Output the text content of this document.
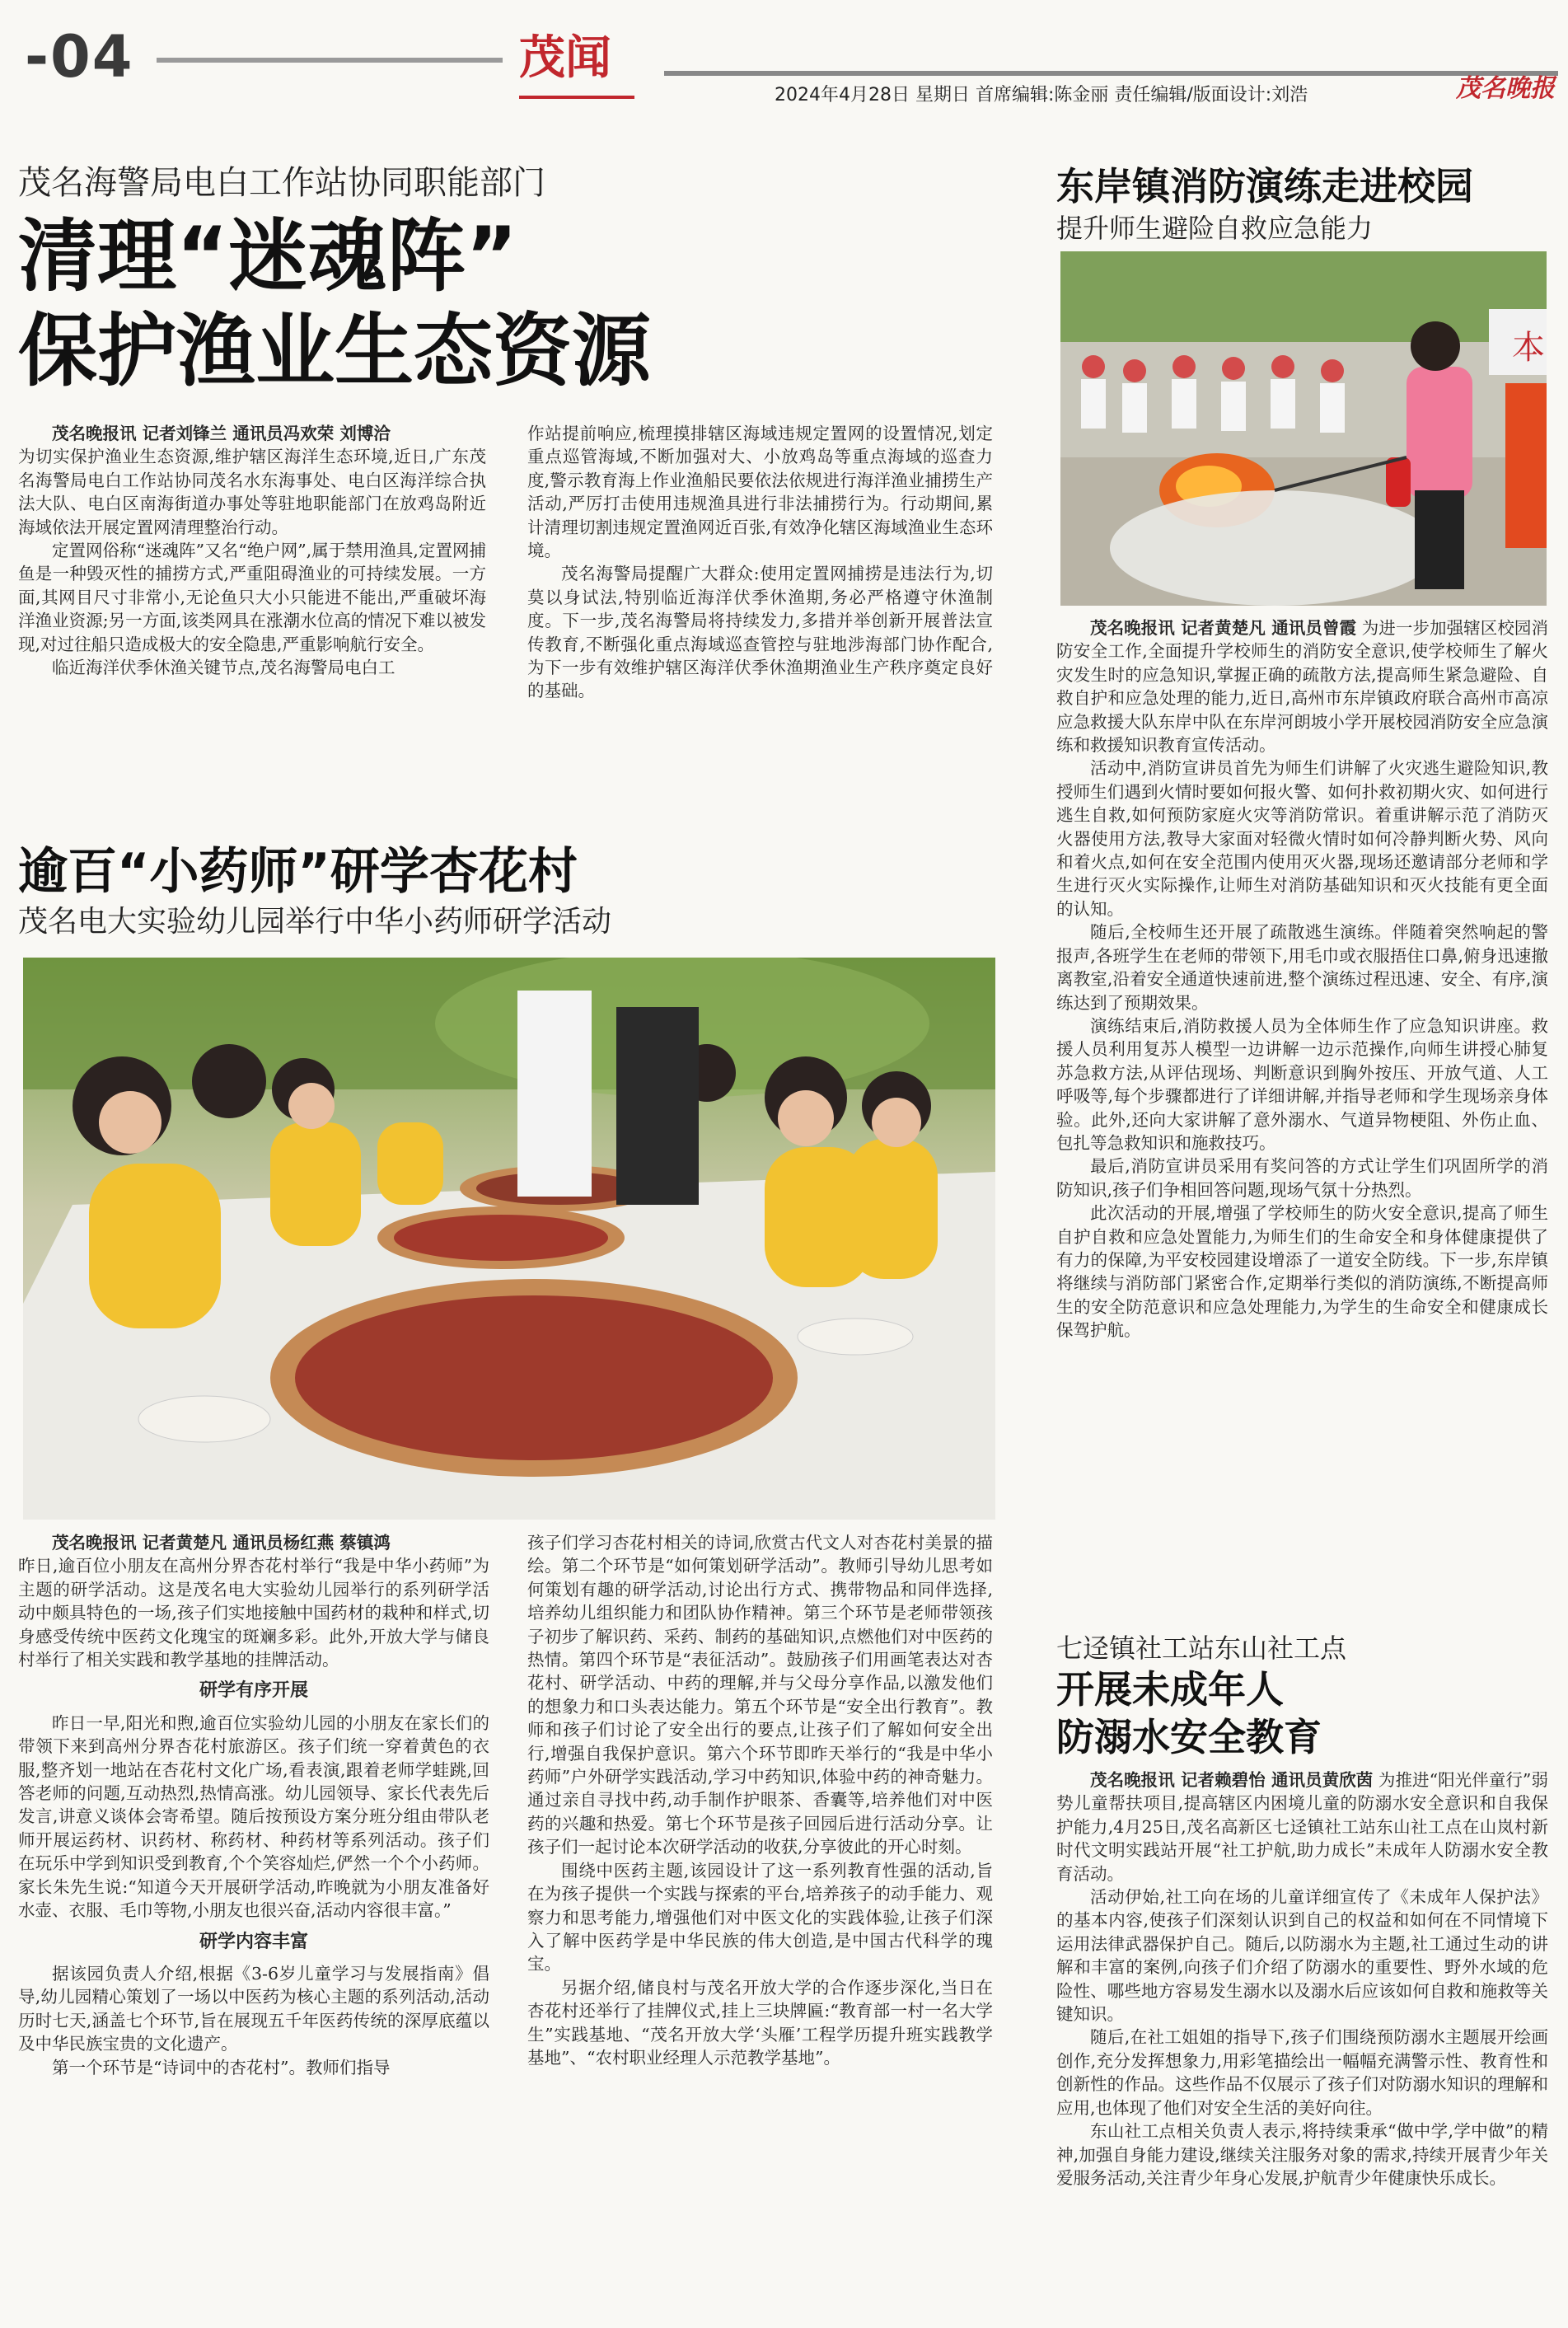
-04	茂闻
2024年4月28日 星期日 首席编辑:陈金丽 责任编辑/版面设计:刘浩	茂名晚报
茂名海警局电白工作站协同职能部门
清理“迷魂阵”
保护渔业生态资源

茂名晚报讯 记者刘锋兰 通讯员冯欢荣 刘博洽

为切实保护渔业生态资源,维护辖区海洋生态环境,近日,广东茂名海警局电白工作站协同茂名水东海事处、电白区海洋综合执法大队、电白区南海街道办事处等驻地职能部门在放鸡岛附近海域依法开展定置网清理整治行动。

定置网俗称“迷魂阵”又名“绝户网”,属于禁用渔具,定置网捕鱼是一种毁灭性的捕捞方式,严重阻碍渔业的可持续发展。一方面,其网目尺寸非常小,无论鱼只大小只能进不能出,严重破坏海洋渔业资源;另一方面,该类网具在涨潮水位高的情况下难以被发现,对过往船只造成极大的安全隐患,严重影响航行安全。

临近海洋伏季休渔关键节点,茂名海警局电白工

作站提前响应,梳理摸排辖区海域违规定置网的设置情况,划定重点巡管海域,不断加强对大、小放鸡岛等重点海域的巡查力度,警示教育海上作业渔船民要依法依规进行海洋渔业捕捞生产活动,严厉打击使用违规渔具进行非法捕捞行为。行动期间,累计清理切割违规定置渔网近百张,有效净化辖区海域渔业生态环境。

茂名海警局提醒广大群众:使用定置网捕捞是违法行为,切莫以身试法,特别临近海洋伏季休渔期,务必严格遵守休渔制度。下一步,茂名海警局将持续发力,多措并举创新开展普法宣传教育,不断强化重点海域巡查管控与驻地涉海部门协作配合,为下一步有效维护辖区海洋伏季休渔期渔业生产秩序奠定良好的基础。

逾百“小药师”研学杏花村
茂名电大实验幼儿园举行中华小药师研学活动

茂名晚报讯 记者黄楚凡 通讯员杨红燕 蔡镇鸿

昨日,逾百位小朋友在高州分界杏花村举行“我是中华小药师”为主题的研学活动。这是茂名电大实验幼儿园举行的系列研学活动中颇具特色的一场,孩子们实地接触中国药材的栽种和样式,切身感受传统中医药文化瑰宝的斑斓多彩。此外,开放大学与储良村举行了相关实践和教学基地的挂牌活动。

研学有序开展

昨日一早,阳光和煦,逾百位实验幼儿园的小朋友在家长们的带领下来到高州分界杏花村旅游区。孩子们统一穿着黄色的衣服,整齐划一地站在杏花村文化广场,看表演,跟着老师学蛙跳,回答老师的问题,互动热烈,热情高涨。幼儿园领导、家长代表先后发言,讲意义谈体会寄希望。随后按预设方案分班分组由带队老师开展运药材、识药材、称药材、种药材等系列活动。孩子们在玩乐中学到知识受到教育,个个笑容灿烂,俨然一个个小药师。家长朱先生说:“知道今天开展研学活动,昨晚就为小朋友准备好水壶、衣服、毛巾等物,小朋友也很兴奋,活动内容很丰富。”

研学内容丰富

据该园负责人介绍,根据《3-6岁儿童学习与发展指南》倡导,幼儿园精心策划了一场以中医药为核心主题的系列活动,活动历时七天,涵盖七个环节,旨在展现五千年医药传统的深厚底蕴以及中华民族宝贵的文化遗产。

第一个环节是“诗词中的杏花村”。教师们指导

孩子们学习杏花村相关的诗词,欣赏古代文人对杏花村美景的描绘。第二个环节是“如何策划研学活动”。教师引导幼儿思考如何策划有趣的研学活动,讨论出行方式、携带物品和同伴选择,培养幼儿组织能力和团队协作精神。第三个环节是老师带领孩子初步了解识药、采药、制药的基础知识,点燃他们对中医药的热情。第四个环节是“表征活动”。鼓励孩子们用画笔表达对杏花村、研学活动、中药的理解,并与父母分享作品,以激发他们的想象力和口头表达能力。第五个环节是“安全出行教育”。教师和孩子们讨论了安全出行的要点,让孩子们了解如何安全出行,增强自我保护意识。第六个环节即昨天举行的“我是中华小药师”户外研学实践活动,学习中药知识,体验中药的神奇魅力。通过亲自寻找中药,动手制作护眼茶、香囊等,培养他们对中医药的兴趣和热爱。第七个环节是孩子回园后进行活动分享。让孩子们一起讨论本次研学活动的收获,分享彼此的开心时刻。

围绕中医药主题,该园设计了这一系列教育性强的活动,旨在为孩子提供一个实践与探索的平台,培养孩子的动手能力、观察力和思考能力,增强他们对中医文化的实践体验,让孩子们深入了解中医药学是中华民族的伟大创造,是中国古代科学的瑰宝。

另据介绍,储良村与茂名开放大学的合作逐步深化,当日在杏花村还举行了挂牌仪式,挂上三块牌匾:“教育部一村一名大学生”实践基地、“茂名开放大学‘头雁’工程学历提升班实践教学基地”、“农村职业经理人示范教学基地”。

东岸镇消防演练走进校园
提升师生避险自救应急能力
本

茂名晚报讯 记者黄楚凡 通讯员曾霞 为进一步加强辖区校园消防安全工作,全面提升学校师生的消防安全意识,使学校师生了解火灾发生时的应急知识,掌握正确的疏散方法,提高师生紧急避险、自救自护和应急处理的能力,近日,高州市东岸镇政府联合高州市高凉应急救援大队东岸中队在东岸河朗坡小学开展校园消防安全应急演练和救援知识教育宣传活动。

活动中,消防宣讲员首先为师生们讲解了火灾逃生避险知识,教授师生们遇到火情时要如何报火警、如何扑救初期火灾、如何进行逃生自救,如何预防家庭火灾等消防常识。着重讲解示范了消防灭火器使用方法,教导大家面对轻微火情时如何冷静判断火势、风向和着火点,如何在安全范围内使用灭火器,现场还邀请部分老师和学生进行灭火实际操作,让师生对消防基础知识和灭火技能有更全面的认知。

随后,全校师生还开展了疏散逃生演练。伴随着突然响起的警报声,各班学生在老师的带领下,用毛巾或衣服捂住口鼻,俯身迅速撤离教室,沿着安全通道快速前进,整个演练过程迅速、安全、有序,演练达到了预期效果。

演练结束后,消防救援人员为全体师生作了应急知识讲座。救援人员利用复苏人模型一边讲解一边示范操作,向师生讲授心肺复苏急救方法,从评估现场、判断意识到胸外按压、开放气道、人工呼吸等,每个步骤都进行了详细讲解,并指导老师和学生现场亲身体验。此外,还向大家讲解了意外溺水、气道异物梗阻、外伤止血、包扎等急救知识和施救技巧。

最后,消防宣讲员采用有奖问答的方式让学生们巩固所学的消防知识,孩子们争相回答问题,现场气氛十分热烈。

此次活动的开展,增强了学校师生的防火安全意识,提高了师生自护自救和应急处置能力,为师生们的生命安全和身体健康提供了有力的保障,为平安校园建设增添了一道安全防线。下一步,东岸镇将继续与消防部门紧密合作,定期举行类似的消防演练,不断提高师生的安全防范意识和应急处理能力,为学生的生命安全和健康成长保驾护航。

七迳镇社工站东山社工点
开展未成年人
防溺水安全教育

茂名晚报讯 记者赖碧怡 通讯员黄欣茵 为推进“阳光伴童行”弱势儿童帮扶项目,提高辖区内困境儿童的防溺水安全意识和自我保护能力,4月25日,茂名高新区七迳镇社工站东山社工点在山岚村新时代文明实践站开展“社工护航,助力成长”未成年人防溺水安全教育活动。

活动伊始,社工向在场的儿童详细宣传了《未成年人保护法》的基本内容,使孩子们深刻认识到自己的权益和如何在不同情境下运用法律武器保护自己。随后,以防溺水为主题,社工通过生动的讲解和丰富的案例,向孩子们介绍了防溺水的重要性、野外水域的危险性、哪些地方容易发生溺水以及溺水后应该如何自救和施救等关键知识。

随后,在社工姐姐的指导下,孩子们围绕预防溺水主题展开绘画创作,充分发挥想象力,用彩笔描绘出一幅幅充满警示性、教育性和创新性的作品。这些作品不仅展示了孩子们对防溺水知识的理解和应用,也体现了他们对安全生活的美好向往。

东山社工点相关负责人表示,将持续秉承“做中学,学中做”的精神,加强自身能力建设,继续关注服务对象的需求,持续开展青少年关爱服务活动,关注青少年身心发展,护航青少年健康快乐成长。
